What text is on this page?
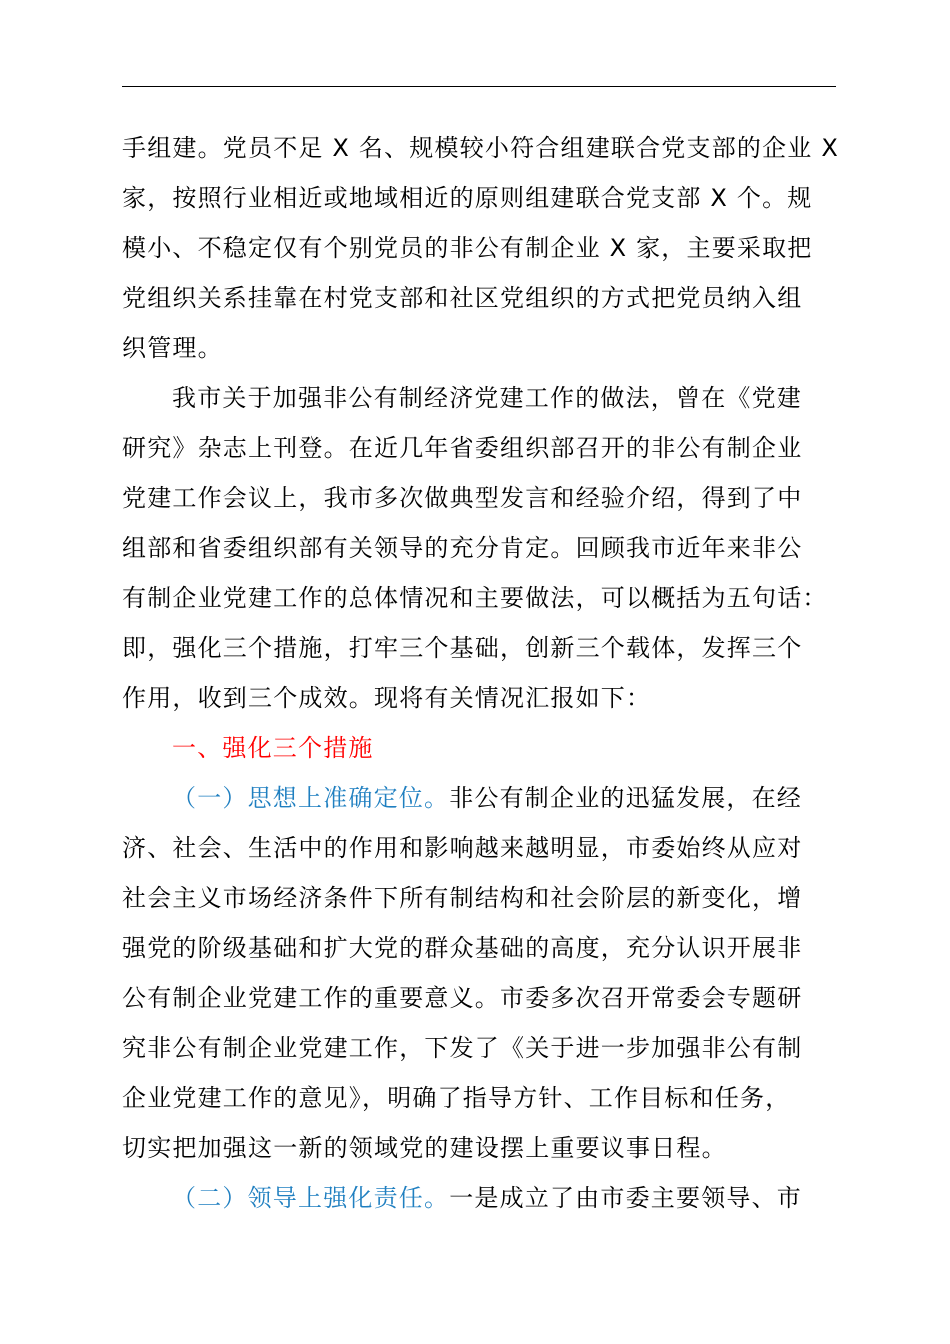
手组建。党员不足 X 名、规模较小符合组建联合党支部的企业 X
家，按照行业相近或地域相近的原则组建联合党支部 X 个。规
模小、不稳定仅有个别党员的非公有制企业 X 家，主要采取把
党组织关系挂靠在村党支部和社区党组织的方式把党员纳入组
织管理。
我市关于加强非公有制经济党建工作的做法，曾在《党建
研究》杂志上刊登。在近几年省委组织部召开的非公有制企业
党建工作会议上，我市多次做典型发言和经验介绍，得到了中
组部和省委组织部有关领导的充分肯定。回顾我市近年来非公
有制企业党建工作的总体情况和主要做法，可以概括为五句话：
即，强化三个措施，打牢三个基础，创新三个载体，发挥三个
作用，收到三个成效。现将有关情况汇报如下：
一、强化三个措施
（一）思想上准确定位。非公有制企业的迅猛发展，在经
济、社会、生活中的作用和影响越来越明显，市委始终从应对
社会主义市场经济条件下所有制结构和社会阶层的新变化，增
强党的阶级基础和扩大党的群众基础的高度，充分认识开展非
公有制企业党建工作的重要意义。市委多次召开常委会专题研
究非公有制企业党建工作，下发了《关于进一步加强非公有制
企业党建工作的意见》，明确了指导方针、工作目标和任务，
切实把加强这一新的领域党的建设摆上重要议事日程。
（二）领导上强化责任。一是成立了由市委主要领导、市
